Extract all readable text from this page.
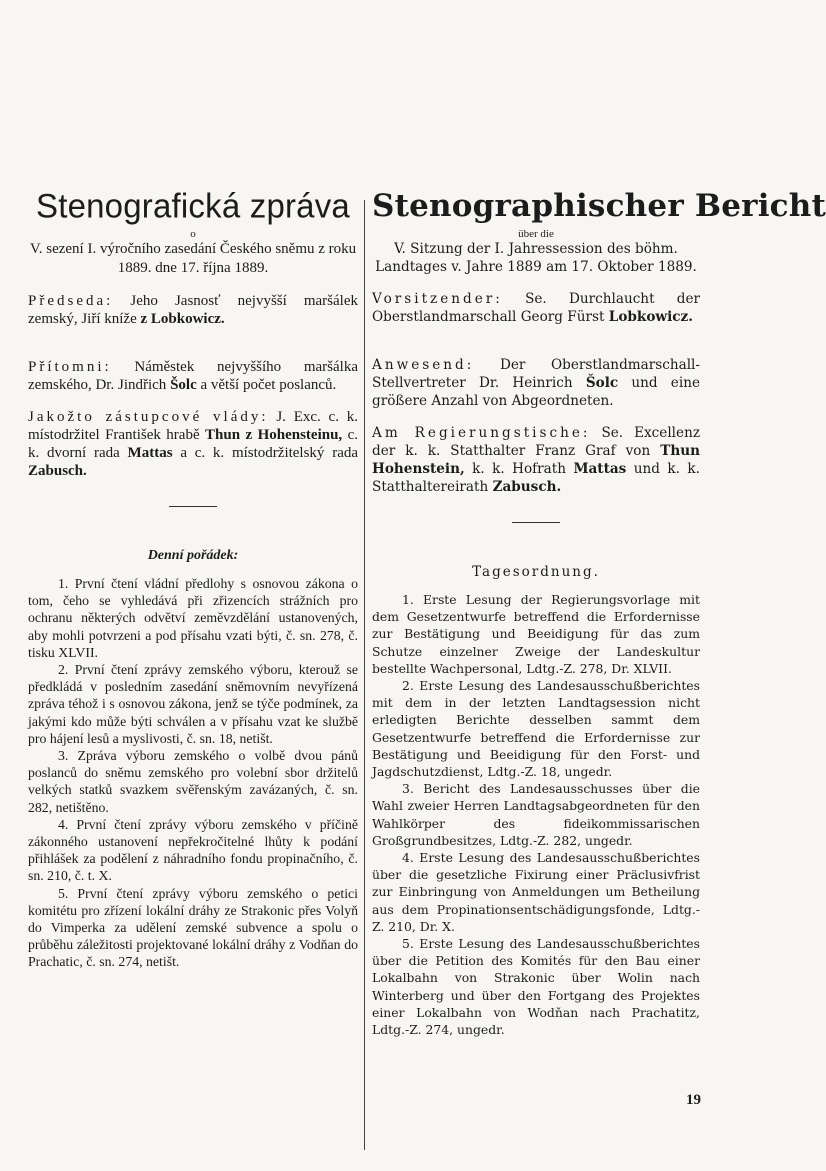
Stenografická zpráva

o

V. sezení I. výročního zasedání Českého sněmu z roku 1889. dne 17. října 1889.

Předseda: Jeho Jasnosť nejvyšší maršálek zemský, Jiří kníže z Lobkowicz.

Přítomni: Náměstek nejvyššího maršálka zemského, Dr. Jindřich Šolc a větší počet poslanců.

Jakožto zástupcové vlády: J. Exc. c. k. místodržitel František hrabě Thun z Hohensteinu, c. k. dvorní rada Mattas a c. k. místodržitelský rada Zabusch.

Denní pořádek:

1. První čtení vládní předlohy s osnovou zákona o tom, čeho se vyhledává při zřizencích strážních pro ochranu některých odvětví zeměvzdělání ustanovených, aby mohli potvrzeni a pod přísahu vzati býti, č. sn. 278, č. tisku XLVII.

2. První čtení zprávy zemského výboru, kterouž se předkládá v posledním zasedání sněmovním nevyřízená zpráva téhož i s osnovou zákona, jenž se týče podmínek, za jakými kdo může býti schválen a v přísahu vzat ke službě pro hájení lesů a myslivosti, č. sn. 18, netišt.

3. Zpráva výboru zemského o volbě dvou pánů poslanců do sněmu zemského pro volební sbor držitelů velkých statků svazkem svěřenským zavázaných, č. sn. 282, netištěno.

4. První čtení zprávy výboru zemského v příčině zákonného ustanovení nepřekročitelné lhůty k podání přihlášek za podělení z náhradního fondu propinačního, č. sn. 210, č. t. X.

5. První čtení zprávy výboru zemského o petici komitétu pro zřízení lokální dráhy ze Strakonic přes Volyň do Vimperka za udělení zemské subvence a spolu o průběhu záležitosti projektované lokální dráhy z Vodňan do Prachatic, č. sn. 274, netišt.

Stenographischer Bericht

über die

V. Sitzung der I. Jahressession des böhm. Landtages v. Jahre 1889 am 17. Oktober 1889.

Vorsitzender: Se. Durchlaucht der Oberstlandmarschall Georg Fürst Lobkowicz.

Anwesend: Der Oberstlandmarschall-Stellvertreter Dr. Heinrich Šolc und eine größere Anzahl von Abgeordneten.

Am Regierungstische: Se. Excellenz der k. k. Statthalter Franz Graf von Thun Hohenstein, k. k. Hofrath Mattas und k. k. Statthaltereirath Zabusch.

Tagesordnung.

1. Erste Lesung der Regierungsvorlage mit dem Gesetzentwurfe betreffend die Erfordernisse zur Bestätigung und Beeidigung für das zum Schutze einzelner Zweige der Landeskultur bestellte Wachpersonal, Ldtg.-Z. 278, Dr. XLVII.

2. Erste Lesung des Landesausschußberichtes mit dem in der letzten Landtagsession nicht erledigten Berichte desselben sammt dem Gesetzentwurfe betreffend die Erfordernisse zur Bestätigung und Beeidigung für den Forst- und Jagdschutzdienst, Ldtg.-Z. 18, ungedr.

3. Bericht des Landesausschusses über die Wahl zweier Herren Landtagsabgeordneten für den Wahlkörper des fideikommissarischen Großgrundbesitzes, Ldtg.-Z. 282, ungedr.

4. Erste Lesung des Landesausschußberichtes über die gesetzliche Fixirung einer Präclusivfrist zur Einbringung von Anmeldungen um Betheilung aus dem Propinationsentschädigungsfonde, Ldtg.-Z. 210, Dr. X.

5. Erste Lesung des Landesausschußberichtes über die Petition des Komités für den Bau einer Lokalbahn von Strakonic über Wolin nach Winterberg und über den Fortgang des Projektes einer Lokalbahn von Wodňan nach Prachatitz, Ldtg.-Z. 274, ungedr.

19
